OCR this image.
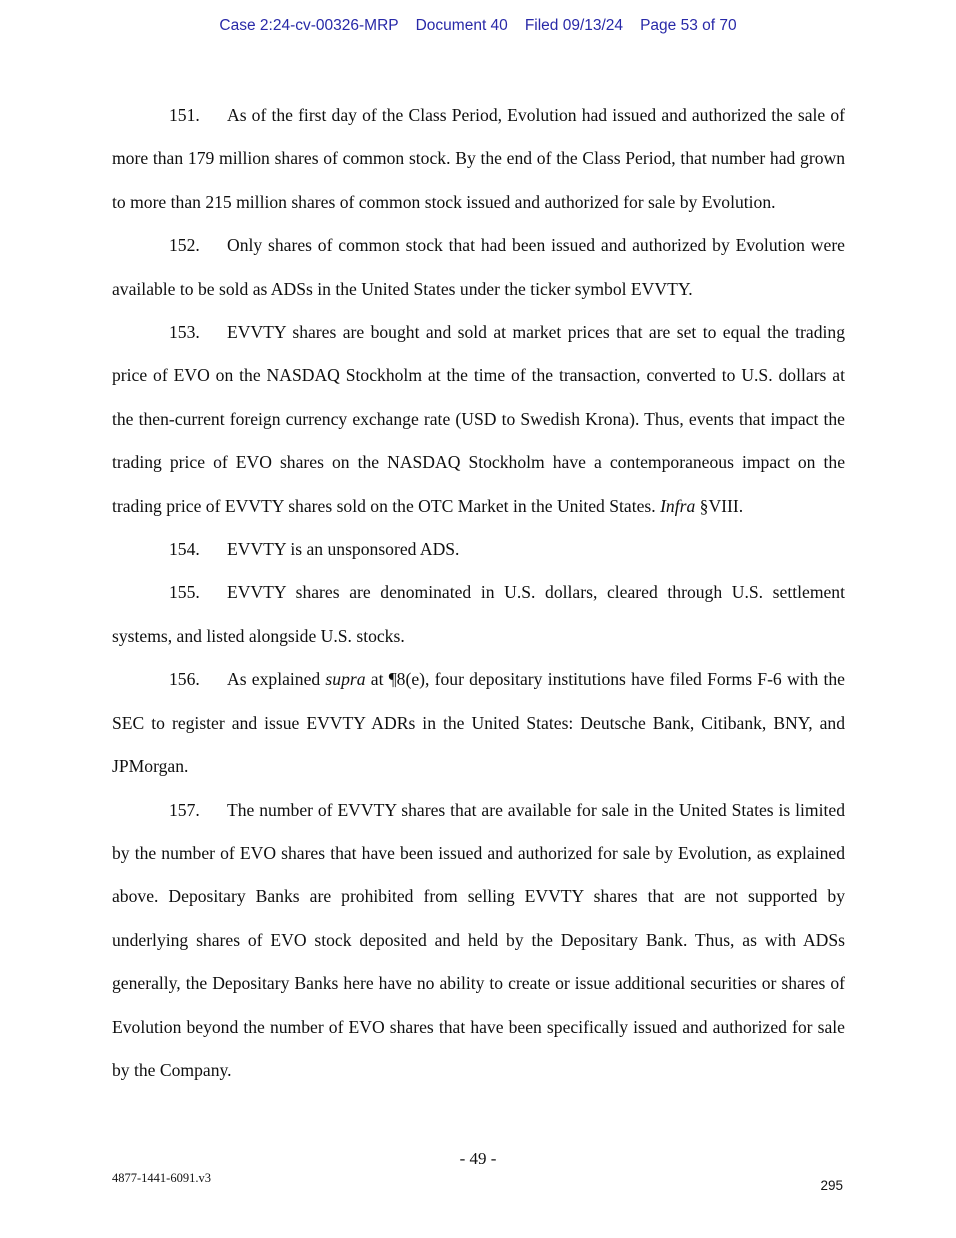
Case 2:24-cv-00326-MRP Document 40 Filed 09/13/24 Page 53 of 70

151. As of the first day of the Class Period, Evolution had issued and authorized the sale of more than 179 million shares of common stock. By the end of the Class Period, that number had grown to more than 215 million shares of common stock issued and authorized for sale by Evolution.

152. Only shares of common stock that had been issued and authorized by Evolution were available to be sold as ADSs in the United States under the ticker symbol EVVTY.

153. EVVTY shares are bought and sold at market prices that are set to equal the trading price of EVO on the NASDAQ Stockholm at the time of the transaction, converted to U.S. dollars at the then-current foreign currency exchange rate (USD to Swedish Krona). Thus, events that impact the trading price of EVO shares on the NASDAQ Stockholm have a contemporaneous impact on the trading price of EVVTY shares sold on the OTC Market in the United States. Infra §VIII.

154. EVVTY is an unsponsored ADS.

155. EVVTY shares are denominated in U.S. dollars, cleared through U.S. settlement systems, and listed alongside U.S. stocks.

156. As explained supra at ¶8(e), four depositary institutions have filed Forms F-6 with the SEC to register and issue EVVTY ADRs in the United States: Deutsche Bank, Citibank, BNY, and JPMorgan.

157. The number of EVVTY shares that are available for sale in the United States is limited by the number of EVO shares that have been issued and authorized for sale by Evolution, as explained above. Depositary Banks are prohibited from selling EVVTY shares that are not supported by underlying shares of EVO stock deposited and held by the Depositary Bank. Thus, as with ADSs generally, the Depositary Banks here have no ability to create or issue additional securities or shares of Evolution beyond the number of EVO shares that have been specifically issued and authorized for sale by the Company.

- 49 -
4877-1441-6091.v3	295
